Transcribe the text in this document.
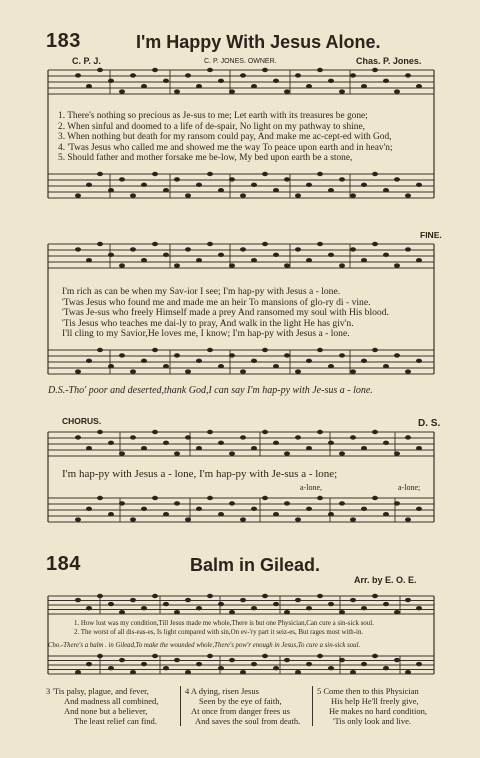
183	I'm Happy With Jesus Alone.
C. P. J.	C. P. JONES. OWNER.	Chas. P. Jones.
1. There's nothing so precious as Je-sus to me; Let earth with its treasures be gone;
2. When sinful and doomed to a life of de-spair, No light on my pathway to shine,
3. When nothing but death for my ransom could pay, And make me ac-cept-ed with God,
4. 'Twas Jesus who called me and showed me the way To peace upon earth and in heav'n;
5. Should father and mother forsake me be-low, My bed upon earth be a stone,
FINE.
I'm rich as can be when my Sav-ior I see; I'm hap-py with Jesus a - lone.
'Twas Jesus who found me and made me an heir To mansions of glo-ry di - vine.
'Twas Je-sus who freely Himself made a prey And ransomed my soul with His blood.
'Tis Jesus who teaches me dai-ly to pray, And walk in the light He has giv'n.
I'll cling to my Savior,He loves me, I know; I'm hap-py with Jesus a - lone.
D.S.-Tho' poor and deserted,thank God,I can say I'm hap-py with Je-sus a - lone.
CHORUS.	D. S.
I'm hap-py with Jesus a - lone, I'm hap-py with Je-sus a - lone;
a-lone,	a-lone;
184	Balm in Gilead.
Arr. by E. O. E.
1. How lost was my condition,Till Jesus made me whole,There is but one Physician,Can cure a sin-sick soul.
2. The worst of all dis-eas-es, Is light compared with sin,On ev-'ry part it seiz-es, But rages most with-in.
Cho.-There's a balm . in Gilead,To make the wounded whole,There's pow'r enough in Jesus,To cure a sin-sick soul.
3 'Tis palsy, plague, and fever,
And madness all combined,
And none but a believer,
The least relief can find.
4 A dying, risen Jesus
Seen by the eye of faith,
At once from danger frees us
And saves the soul from death.
5 Come then to this Physician
His help He'll freely give,
He makes no hard condition,
'Tis only look and live.
